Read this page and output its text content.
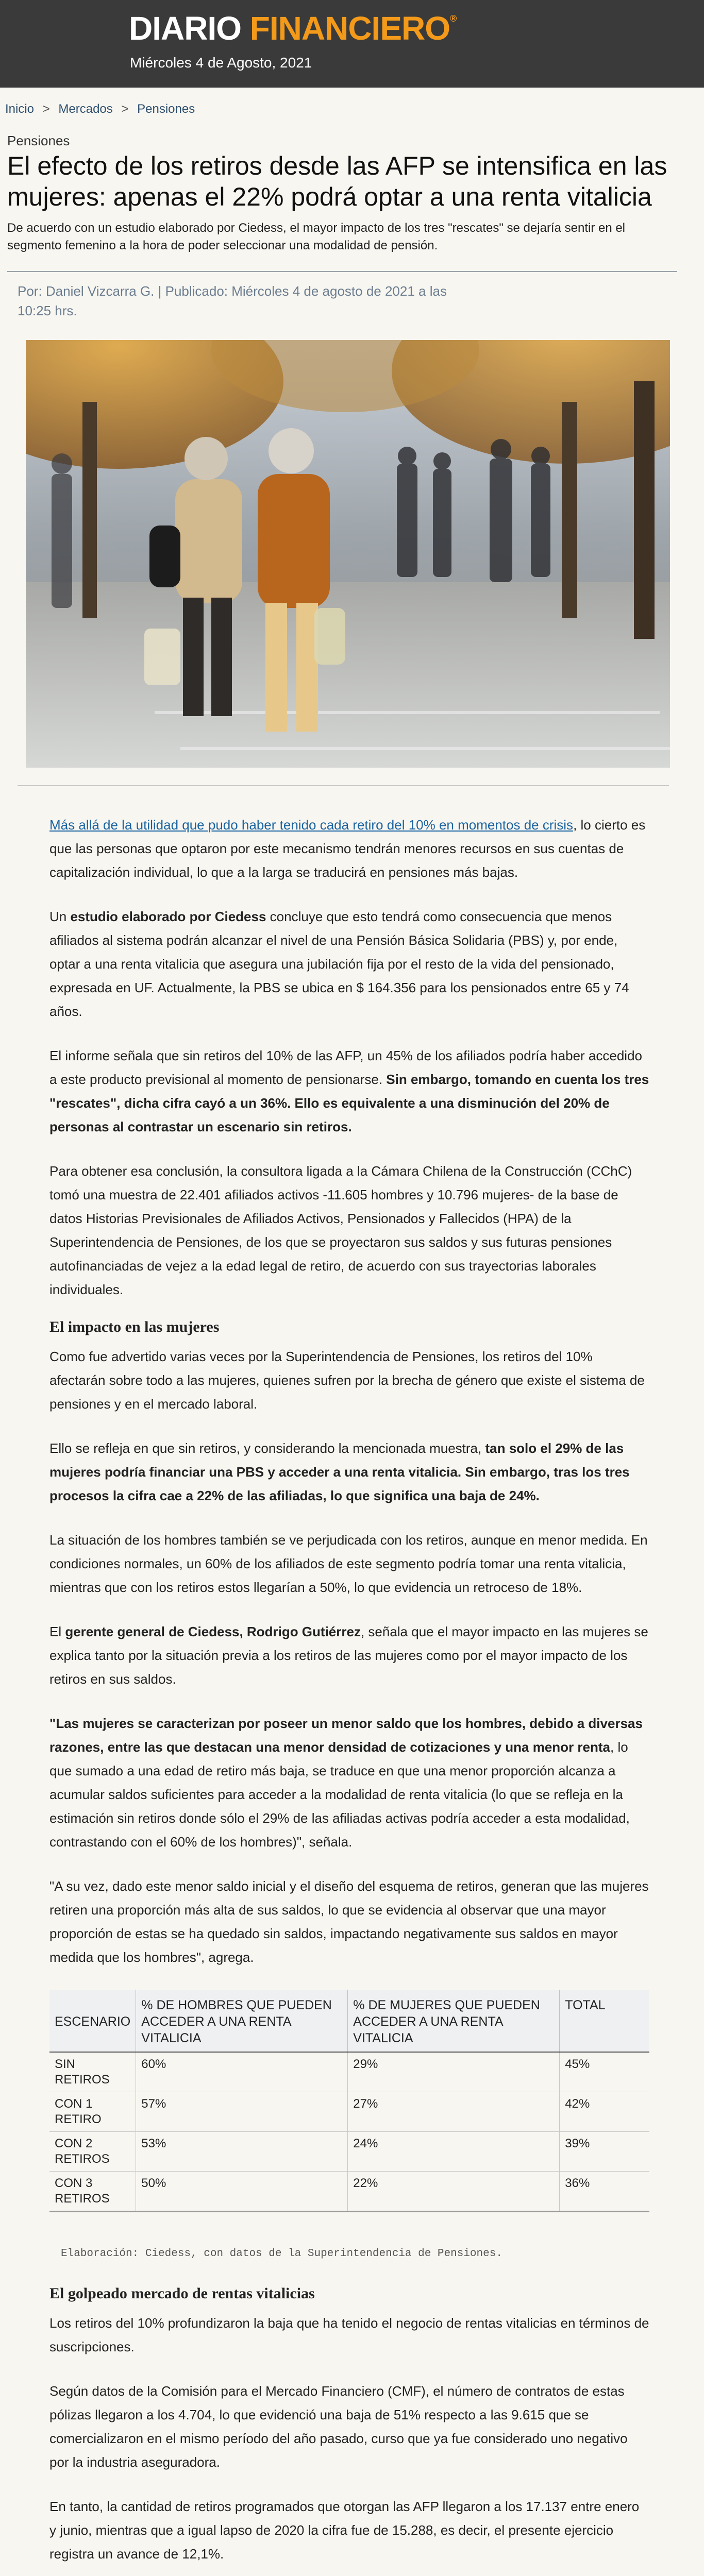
DIARIO FINANCIERO®
Miércoles 4 de Agosto, 2021
Inicio > Mercados > Pensiones
Pensiones
El efecto de los retiros desde las AFP se intensifica en las mujeres: apenas el 22% podrá optar a una renta vitalicia
De acuerdo con un estudio elaborado por Ciedess, el mayor impacto de los tres "rescates" se dejaría sentir en el segmento femenino a la hora de poder seleccionar una modalidad de pensión.
Por: Daniel Vizcarra G. | Publicado: Miércoles 4 de agosto de 2021 a las 10:25 hrs.

Más allá de la utilidad que pudo haber tenido cada retiro del 10% en momentos de crisis, lo cierto es que las personas que optaron por este mecanismo tendrán menores recursos en sus cuentas de capitalización individual, lo que a la larga se traducirá en pensiones más bajas.

Un estudio elaborado por Ciedess concluye que esto tendrá como consecuencia que menos afiliados al sistema podrán alcanzar el nivel de una Pensión Básica Solidaria (PBS) y, por ende, optar a una renta vitalicia que asegura una jubilación fija por el resto de la vida del pensionado, expresada en UF. Actualmente, la PBS se ubica en $ 164.356 para los pensionados entre 65 y 74 años.

El informe señala que sin retiros del 10% de las AFP, un 45% de los afiliados podría haber accedido a este producto previsional al momento de pensionarse. Sin embargo, tomando en cuenta los tres "rescates", dicha cifra cayó a un 36%. Ello es equivalente a una disminución del 20% de personas al contrastar un escenario sin retiros.

Para obtener esa conclusión, la consultora ligada a la Cámara Chilena de la Construcción (CChC) tomó una muestra de 22.401 afiliados activos -11.605 hombres y 10.796 mujeres- de la base de datos Historias Previsionales de Afiliados Activos, Pensionados y Fallecidos (HPA) de la Superintendencia de Pensiones, de los que se proyectaron sus saldos y sus futuras pensiones autofinanciadas de vejez a la edad legal de retiro, de acuerdo con sus trayectorias laborales individuales.

El impacto en las mujeres

Como fue advertido varias veces por la Superintendencia de Pensiones, los retiros del 10% afectarán sobre todo a las mujeres, quienes sufren por la brecha de género que existe el sistema de pensiones y en el mercado laboral.

Ello se refleja en que sin retiros, y considerando la mencionada muestra, tan solo el 29% de las mujeres podría financiar una PBS y acceder a una renta vitalicia. Sin embargo, tras los tres procesos la cifra cae a 22% de las afiliadas, lo que significa una baja de 24%.

La situación de los hombres también se ve perjudicada con los retiros, aunque en menor medida. En condiciones normales, un 60% de los afiliados de este segmento podría tomar una renta vitalicia, mientras que con los retiros estos llegarían a 50%, lo que evidencia un retroceso de 18%.

El gerente general de Ciedess, Rodrigo Gutiérrez, señala que el mayor impacto en las mujeres se explica tanto por la situación previa a los retiros de las mujeres como por el mayor impacto de los retiros en sus saldos.

"Las mujeres se caracterizan por poseer un menor saldo que los hombres, debido a diversas razones, entre las que destacan una menor densidad de cotizaciones y una menor renta, lo que sumado a una edad de retiro más baja, se traduce en que una menor proporción alcanza a acumular saldos suficientes para acceder a la modalidad de renta vitalicia (lo que se refleja en la estimación sin retiros donde sólo el 29% de las afiliadas activas podría acceder a esta modalidad, contrastando con el 60% de los hombres)", señala.

"A su vez, dado este menor saldo inicial y el diseño del esquema de retiros, generan que las mujeres retiren una proporción más alta de sus saldos, lo que se evidencia al observar que una mayor proporción de estas se ha quedado sin saldos, impactando negativamente sus saldos en mayor medida que los hombres", agrega.

ESCENARIO	% DE HOMBRES QUE PUEDEN ACCEDER A UNA RENTA VITALICIA	% DE MUJERES QUE PUEDEN ACCEDER A UNA RENTA VITALICIA	TOTAL
SIN RETIROS	60%	29%	45%
CON 1 RETIRO	57%	27%	42%
CON 2 RETIROS	53%	24%	39%
CON 3 RETIROS	50%	22%	36%
Elaboración: Ciedess, con datos de la Superintendencia de Pensiones.
El golpeado mercado de rentas vitalicias

Los retiros del 10% profundizaron la baja que ha tenido el negocio de rentas vitalicias en términos de suscripciones.

Según datos de la Comisión para el Mercado Financiero (CMF), el número de contratos de estas pólizas llegaron a los 4.704, lo que evidenció una baja de 51% respecto a las 9.615 que se comercializaron en el mismo período del año pasado, curso que ya fue considerado uno negativo por la industria aseguradora.

En tanto, la cantidad de retiros programados que otorgan las AFP llegaron a los 17.137 entre enero y junio, mientras que a igual lapso de 2020 la cifra fue de 15.288, es decir, el presente ejercicio registra un avance de 12,1%.
